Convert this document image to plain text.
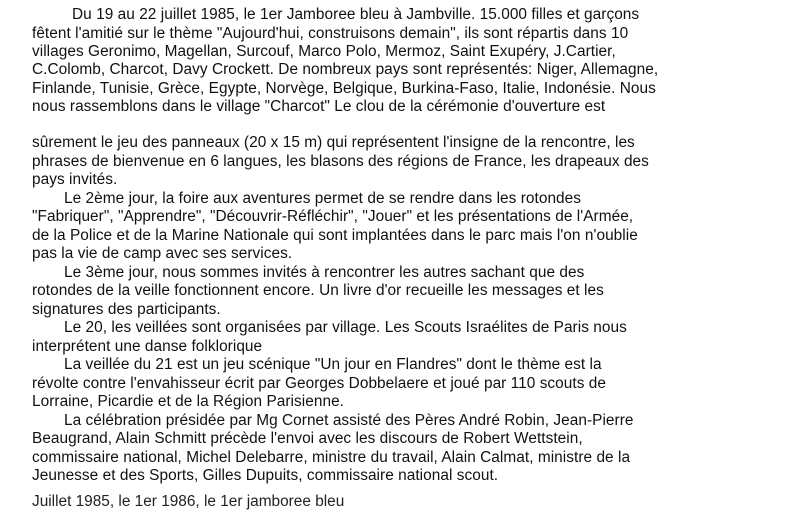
Du 19 au 22 juillet 1985, le 1er Jamboree bleu à Jambville. 15.000 filles et garçons
fêtent l'amitié sur le thème "Aujourd'hui, construisons demain", ils sont répartis dans 10
villages Geronimo, Magellan, Surcouf, Marco Polo, Mermoz, Saint Exupéry, J.Cartier,
C.Colomb, Charcot, Davy Crockett. De nombreux pays sont représentés: Niger, Allemagne,
Finlande, Tunisie, Grèce, Egypte, Norvège, Belgique, Burkina-Faso, Italie, Indonésie. Nous
nous rassemblons dans le village "Charcot" Le clou de la cérémonie d'ouverture est
sûrement le jeu des panneaux (20 x 15 m) qui représentent l'insigne de la rencontre, les
phrases de bienvenue en 6 langues, les blasons des régions de France, les drapeaux des
pays invités.
Le 2ème jour, la foire aux aventures permet de se rendre dans les rotondes
"Fabriquer", "Apprendre", "Découvrir-Réfléchir", "Jouer" et les présentations de l'Armée,
de la Police et de la Marine Nationale qui sont implantées dans le parc mais l'on n'oublie
pas la vie de camp avec ses services.
Le 3ème jour, nous sommes invités à rencontrer les autres sachant que des
rotondes de la veille fonctionnent encore. Un livre d'or recueille les messages et les
signatures des participants.
Le 20, les veillées sont organisées par village. Les Scouts Israélites de Paris nous
interprétent une danse folklorique
La veillée du 21 est un jeu scénique "Un jour en Flandres" dont le thème est la
révolte contre l'envahisseur écrit par Georges Dobbelaere et joué par 110 scouts de
Lorraine, Picardie et de la Région Parisienne.
La célébration présidée par Mg Cornet assisté des Pères André Robin, Jean-Pierre
Beaugrand, Alain Schmitt précède l'envoi avec les discours de Robert Wettstein,
commissaire national, Michel Delebarre, ministre du travail, Alain Calmat, ministre de la
Jeunesse et des Sports, Gilles Dupuits, commissaire national scout.
Juillet 1985, le 1er 1986, le 1er jamboree bleu
